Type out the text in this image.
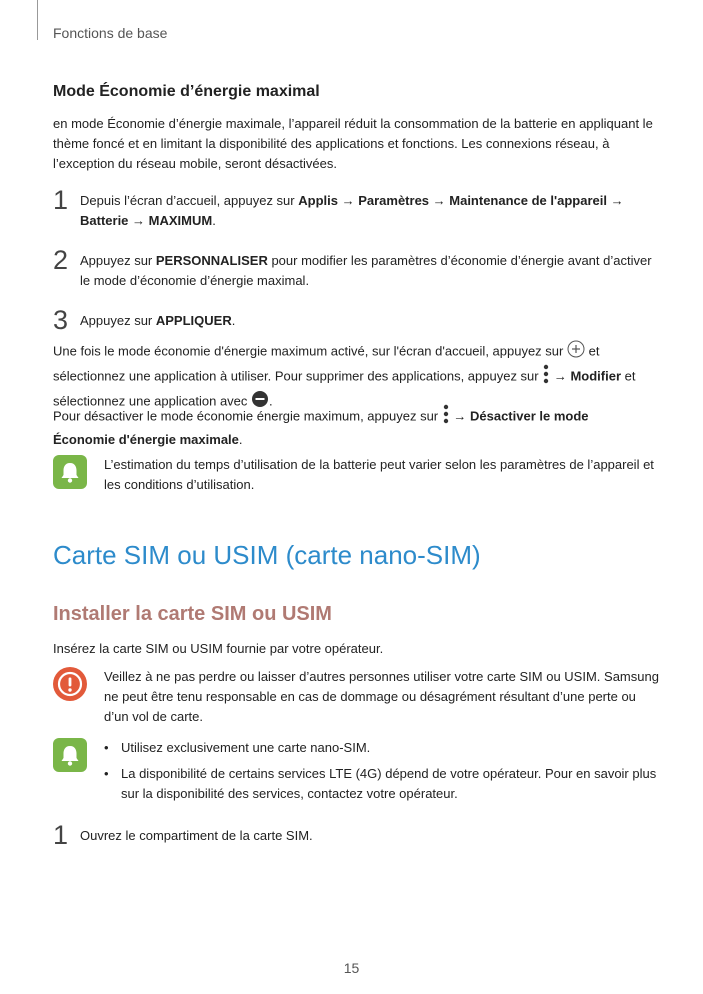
Fonctions de base
Mode Économie d’énergie maximal

en mode Économie d’énergie maximale, l’appareil réduit la consommation de la batterie en appliquant le thème foncé et en limitant la disponibilité des applications et fonctions. Les connexions réseau, à l’exception du réseau mobile, seront désactivées.

1 Depuis l’écran d’accueil, appuyez sur Applis → Paramètres → Maintenance de l'appareil →
Batterie → MAXIMUM.
2 Appuyez sur PERSONNALISER pour modifier les paramètres d’économie d’énergie avant d’activer le mode d’économie d’énergie maximal.
3 Appuyez sur APPLIQUER.

Une fois le mode économie d'énergie maximum activé, sur l'écran d'accueil, appuyez sur  et sélectionnez une application à utiliser. Pour supprimer des applications, appuyez sur  → Modifier et sélectionnez une application avec .

Pour désactiver le mode économie énergie maximum, appuyez sur  → Désactiver le mode Économie d'énergie maximale.

L’estimation du temps d’utilisation de la batterie peut varier selon les paramètres de l’appareil et les conditions d’utilisation.
Carte SIM ou USIM (carte nano-SIM)
Installer la carte SIM ou USIM

Insérez la carte SIM ou USIM fournie par votre opérateur.

Veillez à ne pas perdre ou laisser d’autres personnes utiliser votre carte SIM ou USIM. Samsung ne peut être tenu responsable en cas de dommage ou désagrément résultant d’une perte ou d’un vol de carte.
• Utilisez exclusivement une carte nano-SIM.
• La disponibilité de certains services LTE (4G) dépend de votre opérateur. Pour en savoir plus sur la disponibilité des services, contactez votre opérateur.
1 Ouvrez le compartiment de la carte SIM.
15
